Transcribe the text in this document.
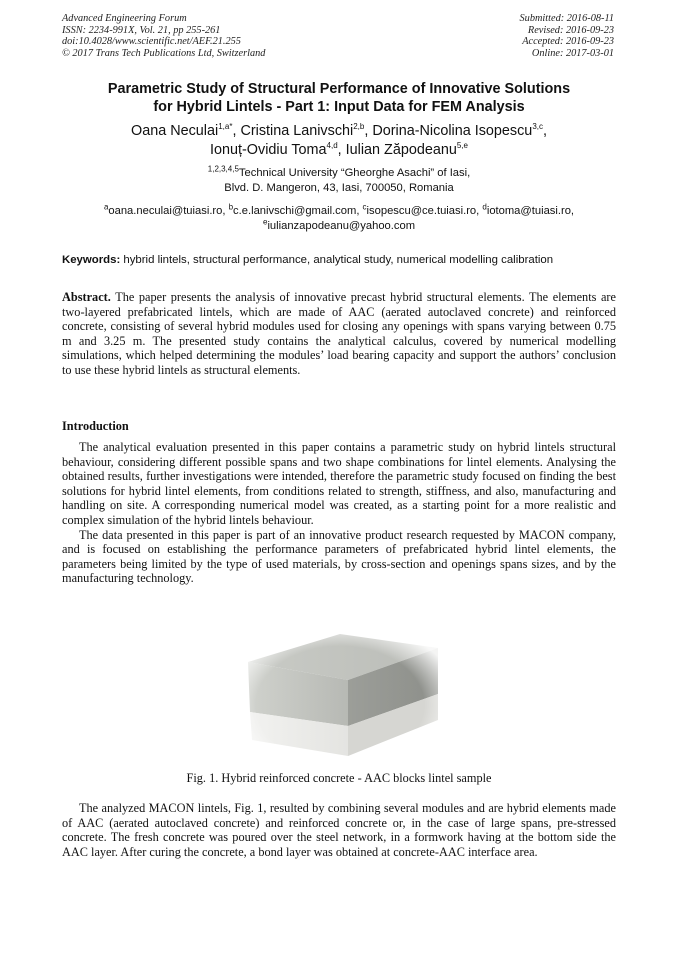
Advanced Engineering Forum
ISSN: 2234-991X, Vol. 21, pp 255-261
doi:10.4028/www.scientific.net/AEF.21.255
© 2017 Trans Tech Publications Ltd, Switzerland
Submitted: 2016-08-11
Revised: 2016-09-23
Accepted: 2016-09-23
Online: 2017-03-01
Parametric Study of Structural Performance of Innovative Solutions
for Hybrid Lintels - Part 1: Input Data for FEM Analysis
Oana Neculai$^{1,a*}$, Cristina Lanivschi$^{2,b}$, Dorina-Nicolina Isopescu$^{3,c}$,
Ionuț-Ovidiu Toma$^{4,d}$, Iulian Zăpodeanu$^{5,e}$
$^{1,2,3,4,5}$Technical University “Gheorghe Asachi” of Iasi,
Blvd. D. Mangeron, 43, Iasi, 700050, Romania
$^a$oana.neculai@tuiasi.ro, $^b$c.e.lanivschi@gmail.com, $^c$isopescu@ce.tuiasi.ro, $^d$iotoma@tuiasi.ro,
$^e$iulianzapodeanu@yahoo.com
Keywords: hybrid lintels, structural performance, analytical study, numerical modelling calibration
Abstract. The paper presents the analysis of innovative precast hybrid structural elements. The elements are two-layered prefabricated lintels, which are made of AAC (aerated autoclaved concrete) and reinforced concrete, consisting of several hybrid modules used for closing any openings with spans varying between 0.75 m and 3.25 m. The presented study contains the analytical calculus, covered by numerical modelling simulations, which helped determining the modules’ load bearing capacity and support the authors’ conclusion to use these hybrid lintels as structural elements.
Introduction

The analytical evaluation presented in this paper contains a parametric study on hybrid lintels structural behaviour, considering different possible spans and two shape combinations for lintel elements. Analysing the obtained results, further investigations were intended, therefore the parametric study focused on finding the best solutions for hybrid lintel elements, from conditions related to strength, stiffness, and also, manufacturing and handling on site. A corresponding numerical model was created, as a starting point for a more realistic and complex simulation of the hybrid lintels behaviour.

The data presented in this paper is part of an innovative product research requested by MACON company, and is focused on establishing the performance parameters of prefabricated hybrid lintel elements, the parameters being limited by the type of used materials, by cross-section and openings spans sizes, and by the manufacturing technology.

Fig. 1. Hybrid reinforced concrete - AAC blocks lintel sample

The analyzed MACON lintels, Fig. 1, resulted by combining several modules and are hybrid elements made of AAC (aerated autoclaved concrete) and reinforced concrete or, in the case of large spans, pre-stressed concrete. The fresh concrete was poured over the steel network, in a formwork having at the bottom side the AAC layer. After curing the concrete, a bond layer was obtained at concrete-AAC interface area.
